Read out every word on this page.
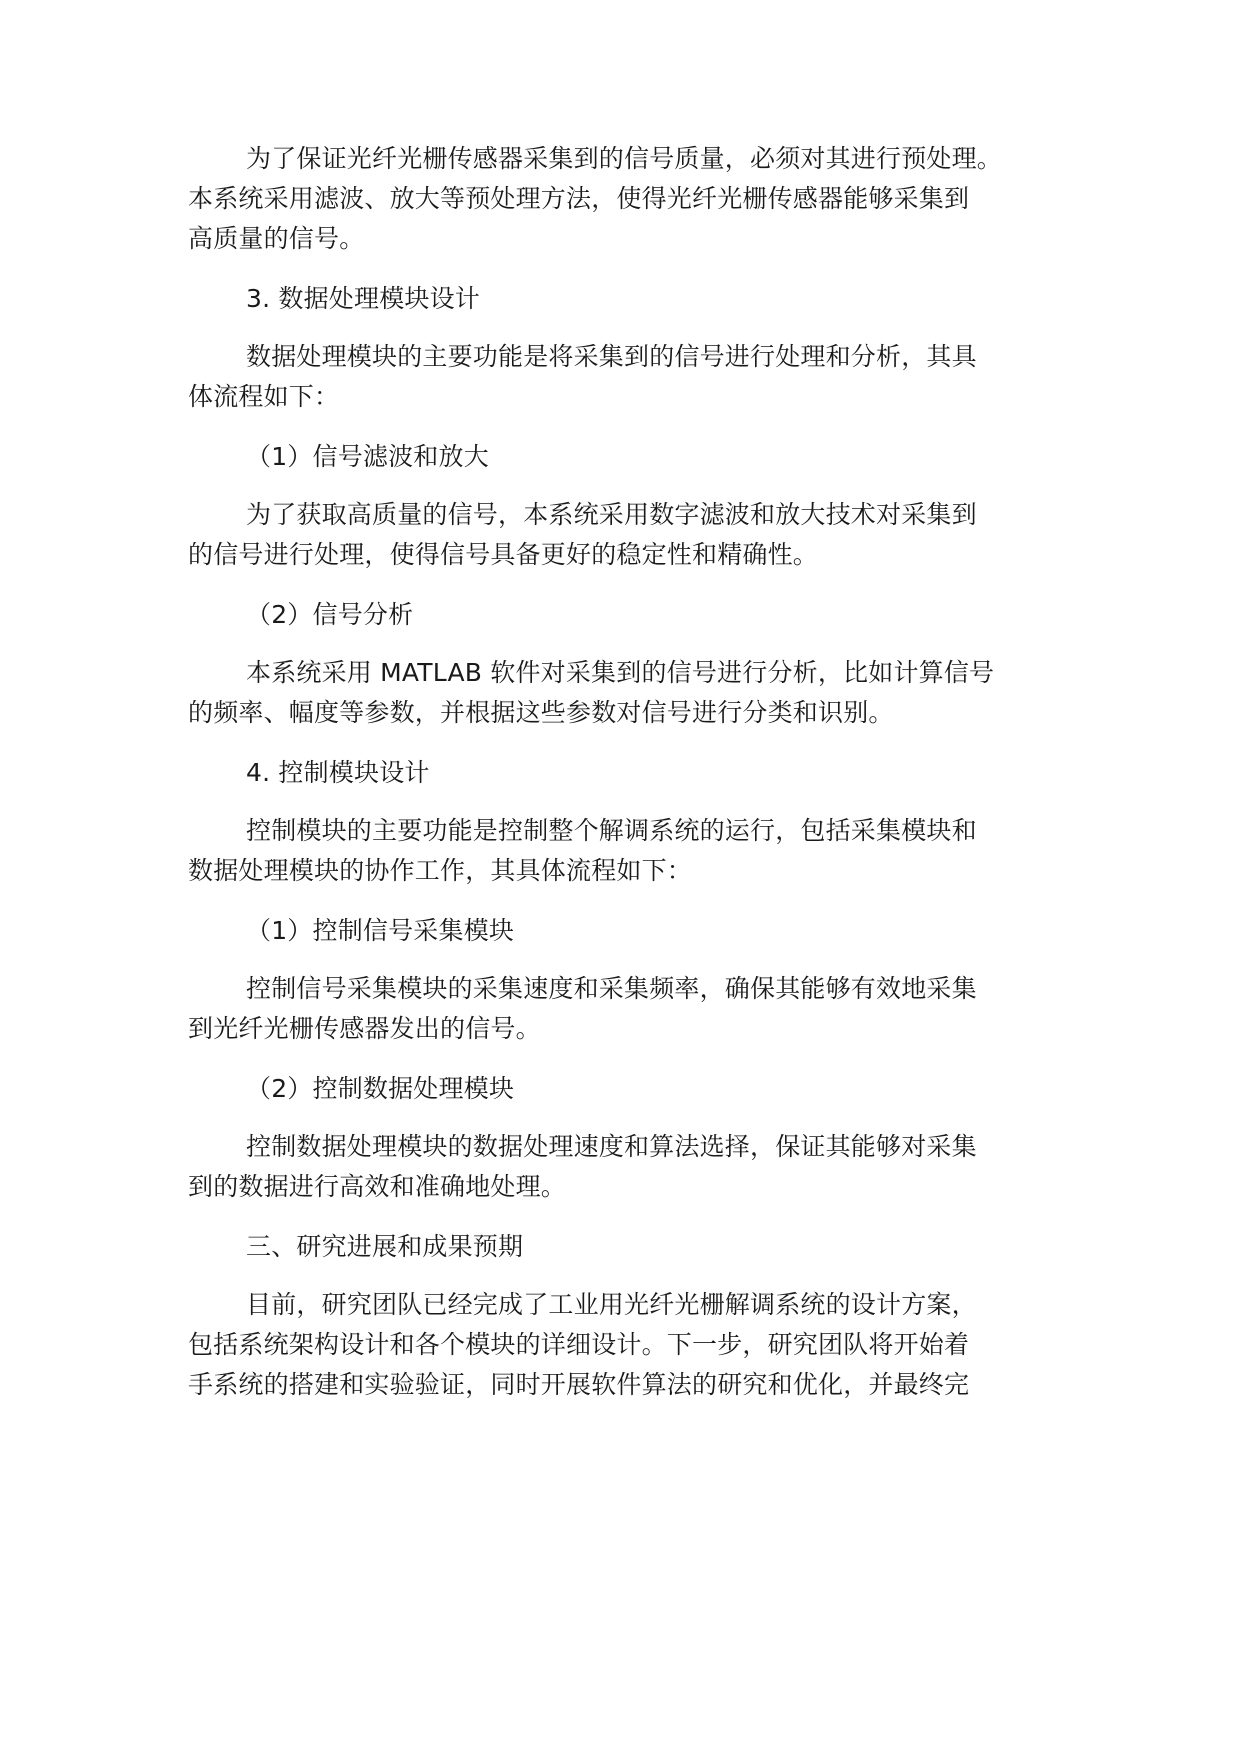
为了保证光纤光栅传感器采集到的信号质量，必须对其进行预处理。
本系统采用滤波、放大等预处理方法，使得光纤光栅传感器能够采集到
高质量的信号。
3. 数据处理模块设计
数据处理模块的主要功能是将采集到的信号进行处理和分析，其具
体流程如下：
（1）信号滤波和放大
为了获取高质量的信号，本系统采用数字滤波和放大技术对采集到
的信号进行处理，使得信号具备更好的稳定性和精确性。
（2）信号分析
本系统采用 MATLAB 软件对采集到的信号进行分析，比如计算信号
的频率、幅度等参数，并根据这些参数对信号进行分类和识别。
4. 控制模块设计
控制模块的主要功能是控制整个解调系统的运行，包括采集模块和
数据处理模块的协作工作，其具体流程如下：
（1）控制信号采集模块
控制信号采集模块的采集速度和采集频率，确保其能够有效地采集
到光纤光栅传感器发出的信号。
（2）控制数据处理模块
控制数据处理模块的数据处理速度和算法选择，保证其能够对采集
到的数据进行高效和准确地处理。
三、研究进展和成果预期
目前，研究团队已经完成了工业用光纤光栅解调系统的设计方案，
包括系统架构设计和各个模块的详细设计。下一步，研究团队将开始着
手系统的搭建和实验验证，同时开展软件算法的研究和优化，并最终完
